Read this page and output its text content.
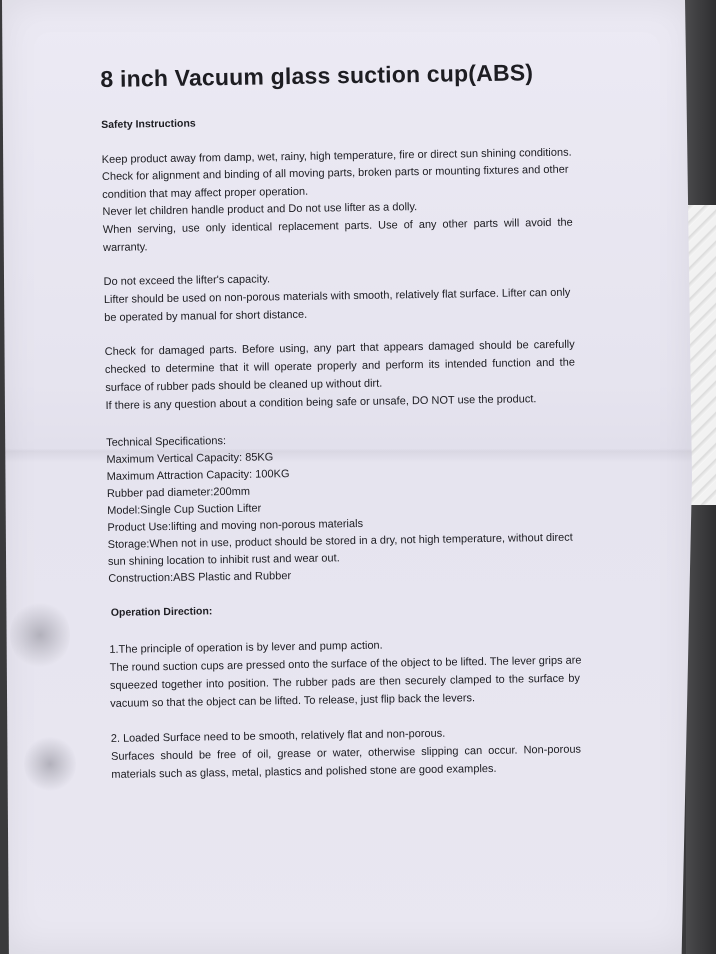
8 inch Vacuum glass suction cup(ABS)
Safety Instructions
Keep product away from damp, wet, rainy, high temperature, fire or direct sun shining conditions.
Check for alignment and binding of all moving parts, broken parts or mounting fixtures and other
condition that may affect proper operation.
Never let children handle product and Do not use lifter as a dolly.
When serving, use only identical replacement parts. Use of any other parts will avoid the
warranty.
Do not exceed the lifter's capacity.
Lifter should be used on non-porous materials with smooth, relatively flat surface. Lifter can only
be operated by manual for short distance.
Check for damaged parts. Before using, any part that appears damaged should be carefully
checked to determine that it will operate properly and perform its intended function and the
surface of rubber pads should be cleaned up without dirt.
If there is any question about a condition being safe or unsafe, DO NOT use the product.
Technical Specifications:
Maximum Vertical Capacity: 85KG
Maximum Attraction Capacity: 100KG
Rubber pad diameter:200mm
Model:Single Cup Suction Lifter
Product Use:lifting and moving non-porous materials
Storage:When not in use, product should be stored in a dry, not high temperature, without direct
sun shining location to inhibit rust and wear out.
Construction:ABS Plastic and Rubber
Operation Direction:
1.The principle of operation is by lever and pump action.
The round suction cups are pressed onto the surface of the object to be lifted. The lever grips are
squeezed together into position. The rubber pads are then securely clamped to the surface by
vacuum so that the object can be lifted. To release, just flip back the levers.
2. Loaded Surface need to be smooth, relatively flat and non-porous.
Surfaces should be free of oil, grease or water, otherwise slipping can occur. Non-porous
materials such as glass, metal, plastics and polished stone are good examples.
